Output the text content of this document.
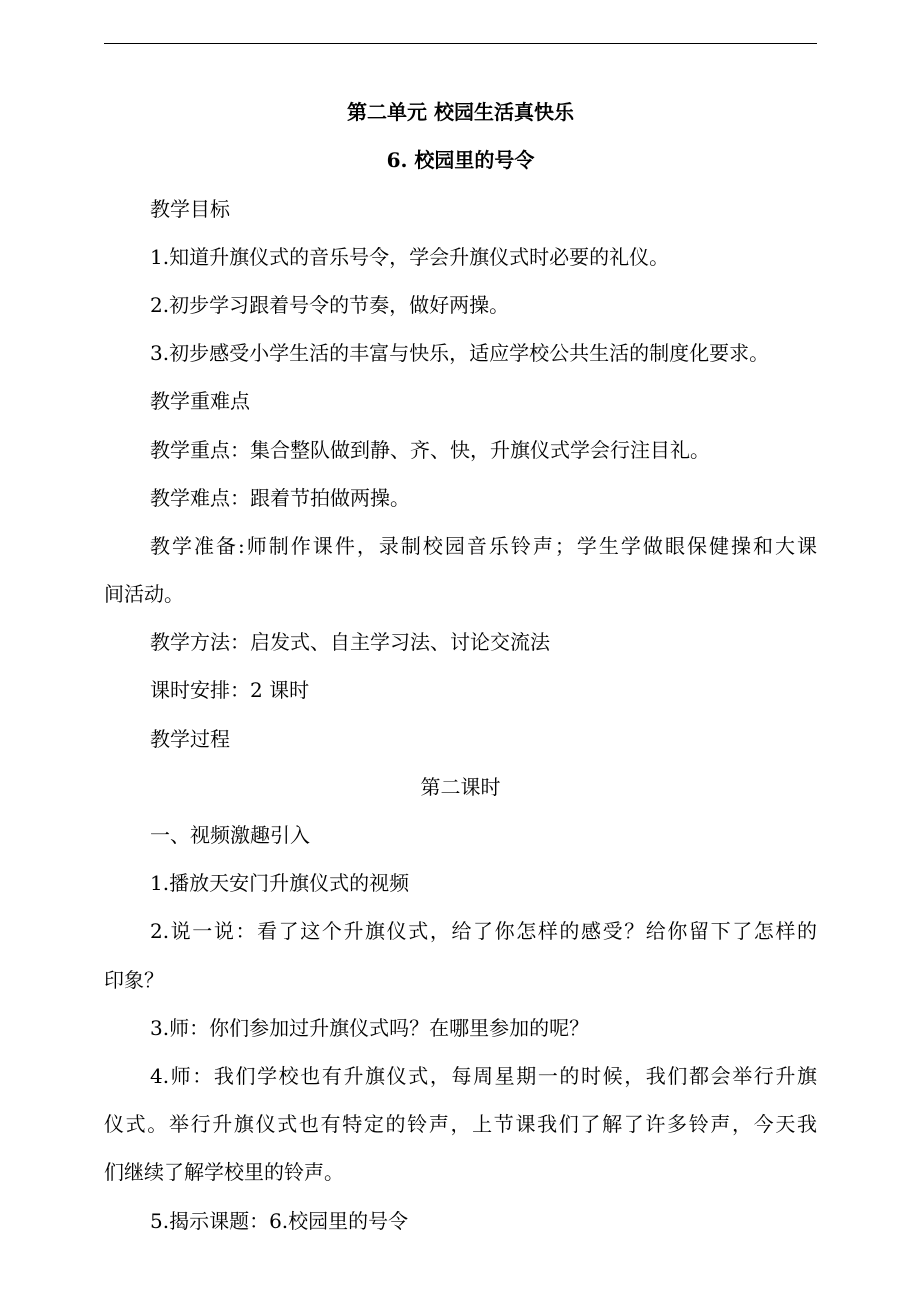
第二单元 校园生活真快乐
6. 校园里的号令
教学目标
1.知道升旗仪式的音乐号令，学会升旗仪式时必要的礼仪。
2.初步学习跟着号令的节奏，做好两操。
3.初步感受小学生活的丰富与快乐，适应学校公共生活的制度化要求。
教学重难点
教学重点：集合整队做到静、齐、快，升旗仪式学会行注目礼。
教学难点：跟着节拍做两操。
教学准备:师制作课件，录制校园音乐铃声；学生学做眼保健操和大课
间活动。
教学方法：启发式、自主学习法、讨论交流法
课时安排：2 课时
教学过程
第二课时
一、视频激趣引入
1.播放天安门升旗仪式的视频
2.说一说：看了这个升旗仪式，给了你怎样的感受？给你留下了怎样的
印象？
3.师：你们参加过升旗仪式吗？在哪里参加的呢？
4.师：我们学校也有升旗仪式，每周星期一的时候，我们都会举行升旗
仪式。举行升旗仪式也有特定的铃声，上节课我们了解了许多铃声，今天我
们继续了解学校里的铃声。
5.揭示课题：6.校园里的号令
